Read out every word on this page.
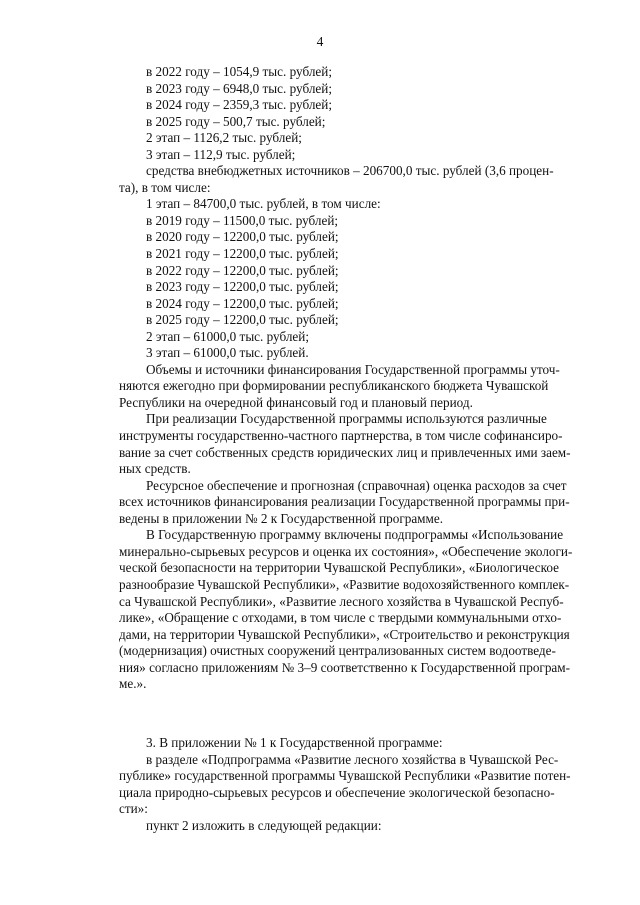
4

в 2022 году – 1054,9 тыс. рублей;

в 2023 году – 6948,0 тыс. рублей;

в 2024 году – 2359,3 тыс. рублей;

в 2025 году – 500,7 тыс. рублей;

2 этап – 1126,2 тыс. рублей;

3 этап – 112,9 тыс. рублей;

средства внебюджетных источников – 206700,0 тыс. рублей (3,6 процен-

та), в том числе:

1 этап – 84700,0 тыс. рублей, в том числе:

в 2019 году – 11500,0 тыс. рублей;

в 2020 году – 12200,0 тыс. рублей;

в 2021 году – 12200,0 тыс. рублей;

в 2022 году – 12200,0 тыс. рублей;

в 2023 году – 12200,0 тыс. рублей;

в 2024 году – 12200,0 тыс. рублей;

в 2025 году – 12200,0 тыс. рублей;

2 этап – 61000,0 тыс. рублей;

3 этап – 61000,0 тыс. рублей.

Объемы и источники финансирования Государственной программы уточ-

няются ежегодно при формировании республиканского бюджета Чувашской

Республики на очередной финансовый год и плановый период.

При реализации Государственной программы используются различные

инструменты государственно-частного партнерства, в том числе софинансиро-

вание за счет собственных средств юридических лиц и привлеченных ими заем-

ных средств.

Ресурсное обеспечение и прогнозная (справочная) оценка расходов за счет

всех источников финансирования реализации Государственной программы при-

ведены в приложении № 2 к Государственной программе.

В Государственную программу включены подпрограммы «Использование

минерально-сырьевых ресурсов и оценка их состояния», «Обеспечение экологи-

ческой безопасности на территории Чувашской Республики», «Биологическое

разнообразие Чувашской Республики», «Развитие водохозяйственного комплек-

са Чувашской Республики», «Развитие лесного хозяйства в Чувашской Респуб-

лике», «Обращение с отходами, в том числе с твердыми коммунальными отхо-

дами, на территории Чувашской Республики», «Строительство и реконструкция

(модернизация) очистных сооружений централизованных систем водоотведе-

ния» согласно приложениям № 3–9 соответственно к Государственной програм-

ме.».

3. В приложении № 1 к Государственной программе:

в разделе «Подпрограмма «Развитие лесного хозяйства в Чувашской Рес-

публике» государственной программы Чувашской Республики «Развитие потен-

циала природно-сырьевых ресурсов и обеспечение экологической безопасно-

сти»:

пункт 2 изложить в следующей редакции:
